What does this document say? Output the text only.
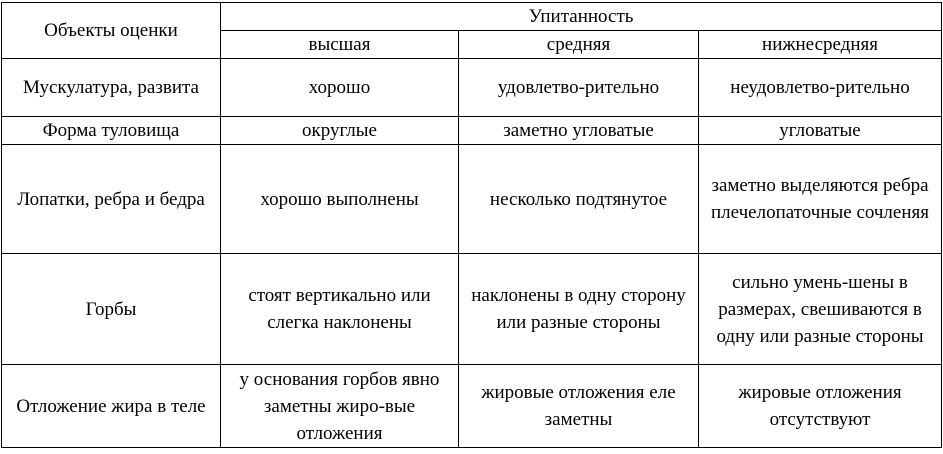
Объекты оценки	Упитанность		

	высшая	средняя	нижнесредняя

Мускулатура, развита	хорошо	удовлетво-рительно	неудовлетво-рительно

Форма туловища	округлые	заметно угловатые	угловатые

Лопатки, ребра и бедра	хорошо выполнены	несколько подтянутое	заметно выделяются ребра плечелопаточные сочленяя

Горбы	стоят вертикально или слегка наклонены	наклонены в одну сторону или разные стороны	сильно умень-шены в размерах, свешиваются в одну или разные стороны

Отложение жира в теле	у основания горбов явно заметны жиро-вые отложения	жировые отложения еле заметны	жировые отложения отсутствуют
